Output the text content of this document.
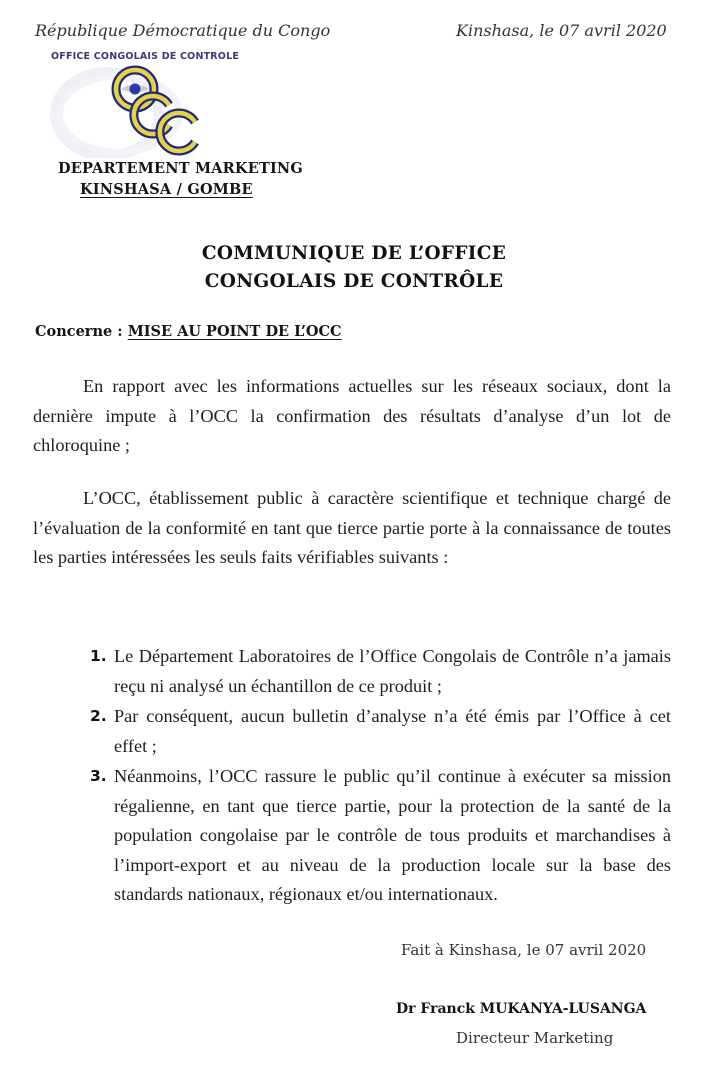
République Démocratique du Congo	Kinshasa, le 07 avril 2020
OFFICE CONGOLAIS DE CONTROLE
DEPARTEMENT MARKETING
KINSHASA / GOMBE
COMMUNIQUE DE L’OFFICE
CONGOLAIS DE CONTRÔLE
Concerne : MISE AU POINT DE L’OCC
En rapport avec les informations actuelles sur les réseaux sociaux, dont la dernière impute à l’OCC la confirmation des résultats d’analyse d’un lot de chloroquine ;
L’OCC, établissement public à caractère scientifique et technique chargé de l’évaluation de la conformité en tant que tierce partie porte à la connaissance de toutes les parties intéressées les seuls faits vérifiables suivants :
1. Le Département Laboratoires de l’Office Congolais de Contrôle n’a jamais reçu ni analysé un échantillon de ce produit ;
2. Par conséquent, aucun bulletin d’analyse n’a été émis par l’Office à cet effet ;
3. Néanmoins, l’OCC rassure le public qu’il continue à exécuter sa mission régalienne, en tant que tierce partie, pour la protection de la santé de la population congolaise par le contrôle de tous produits et marchandises à l’import-export et au niveau de la production locale sur la base des standards nationaux, régionaux et/ou internationaux.
Fait à Kinshasa, le 07 avril 2020
Dr Franck MUKANYA-LUSANGA
Directeur Marketing
